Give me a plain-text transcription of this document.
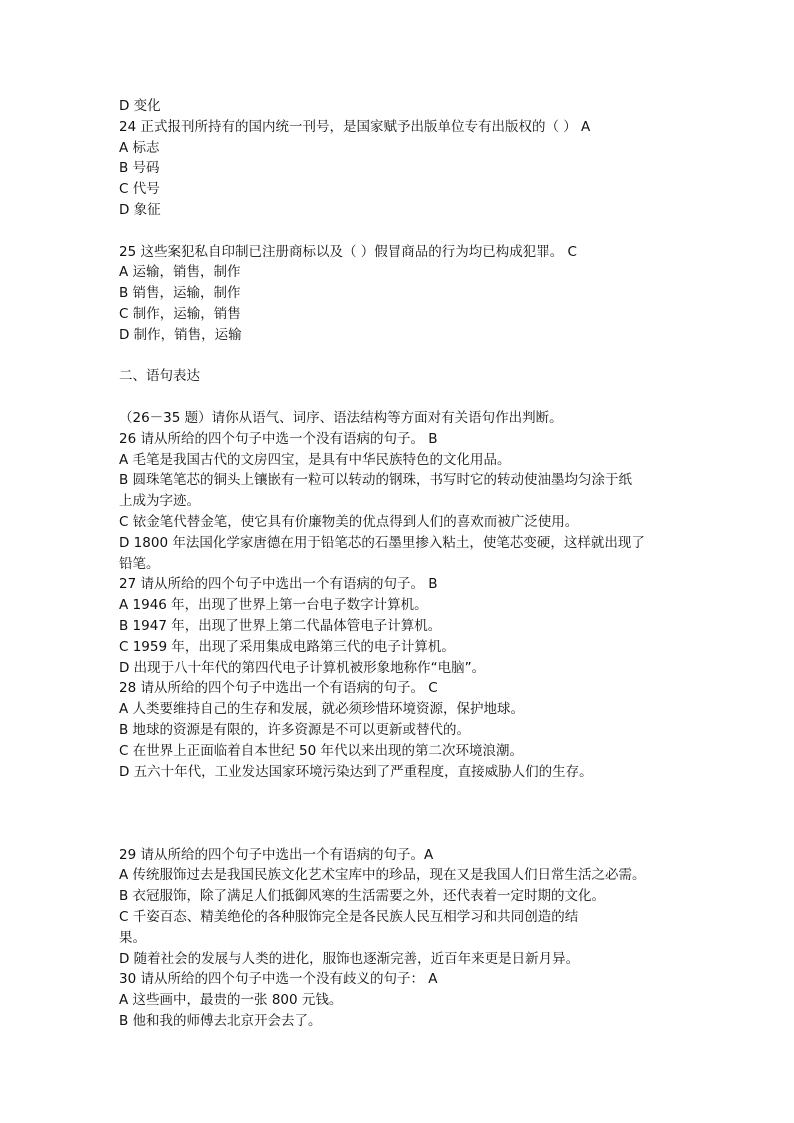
D 变化
24 正式报刊所持有的国内统一刊号，是国家赋予出版单位专有出版权的（ ） A
A 标志
B 号码
C 代号
D 象征
25 这些案犯私自印制已注册商标以及（ ）假冒商品的行为均已构成犯罪。 C
A 运输，销售，制作
B 销售，运输，制作
C 制作，运输，销售
D 制作，销售，运输
二、语句表达
（26－35 题）请你从语气、词序、语法结构等方面对有关语句作出判断。
26 请从所给的四个句子中选一个没有语病的句子。 B
A 毛笔是我国古代的文房四宝，是具有中华民族特色的文化用品。
B 圆珠笔笔芯的铜头上镶嵌有一粒可以转动的钢珠，书写时它的转动使油墨均匀涂于纸
上成为字迹。
C 铱金笔代替金笔，使它具有价廉物美的优点得到人们的喜欢而被广泛使用。
D 1800 年法国化学家唐德在用于铅笔芯的石墨里掺入粘土，使笔芯变硬，这样就出现了
铅笔。
27 请从所给的四个句子中选出一个有语病的句子。 B
A 1946 年，出现了世界上第一台电子数字计算机。
B 1947 年，出现了世界上第二代晶体管电子计算机。
C 1959 年，出现了采用集成电路第三代的电子计算机。
D 出现于八十年代的第四代电子计算机被形象地称作“电脑”。
28 请从所给的四个句子中选出一个有语病的句子。 C
A 人类要维持自己的生存和发展，就必须珍惜环境资源，保护地球。
B 地球的资源是有限的，许多资源是不可以更新或替代的。
C 在世界上正面临着自本世纪 50 年代以来出现的第二次环境浪潮。
D 五六十年代，工业发达国家环境污染达到了严重程度，直接威胁人们的生存。
29 请从所给的四个句子中选出一个有语病的句子。A
A 传统服饰过去是我国民族文化艺术宝库中的珍品，现在又是我国人们日常生活之必需。
B 衣冠服饰，除了满足人们抵御风寒的生活需要之外，还代表着一定时期的文化。
C 千姿百态、精美绝伦的各种服饰完全是各民族人民互相学习和共同创造的结
果。
D 随着社会的发展与人类的进化，服饰也逐渐完善，近百年来更是日新月异。
30 请从所给的四个句子中选一个没有歧义的句子： A
A 这些画中，最贵的一张 800 元钱。
B 他和我的师傅去北京开会去了。
